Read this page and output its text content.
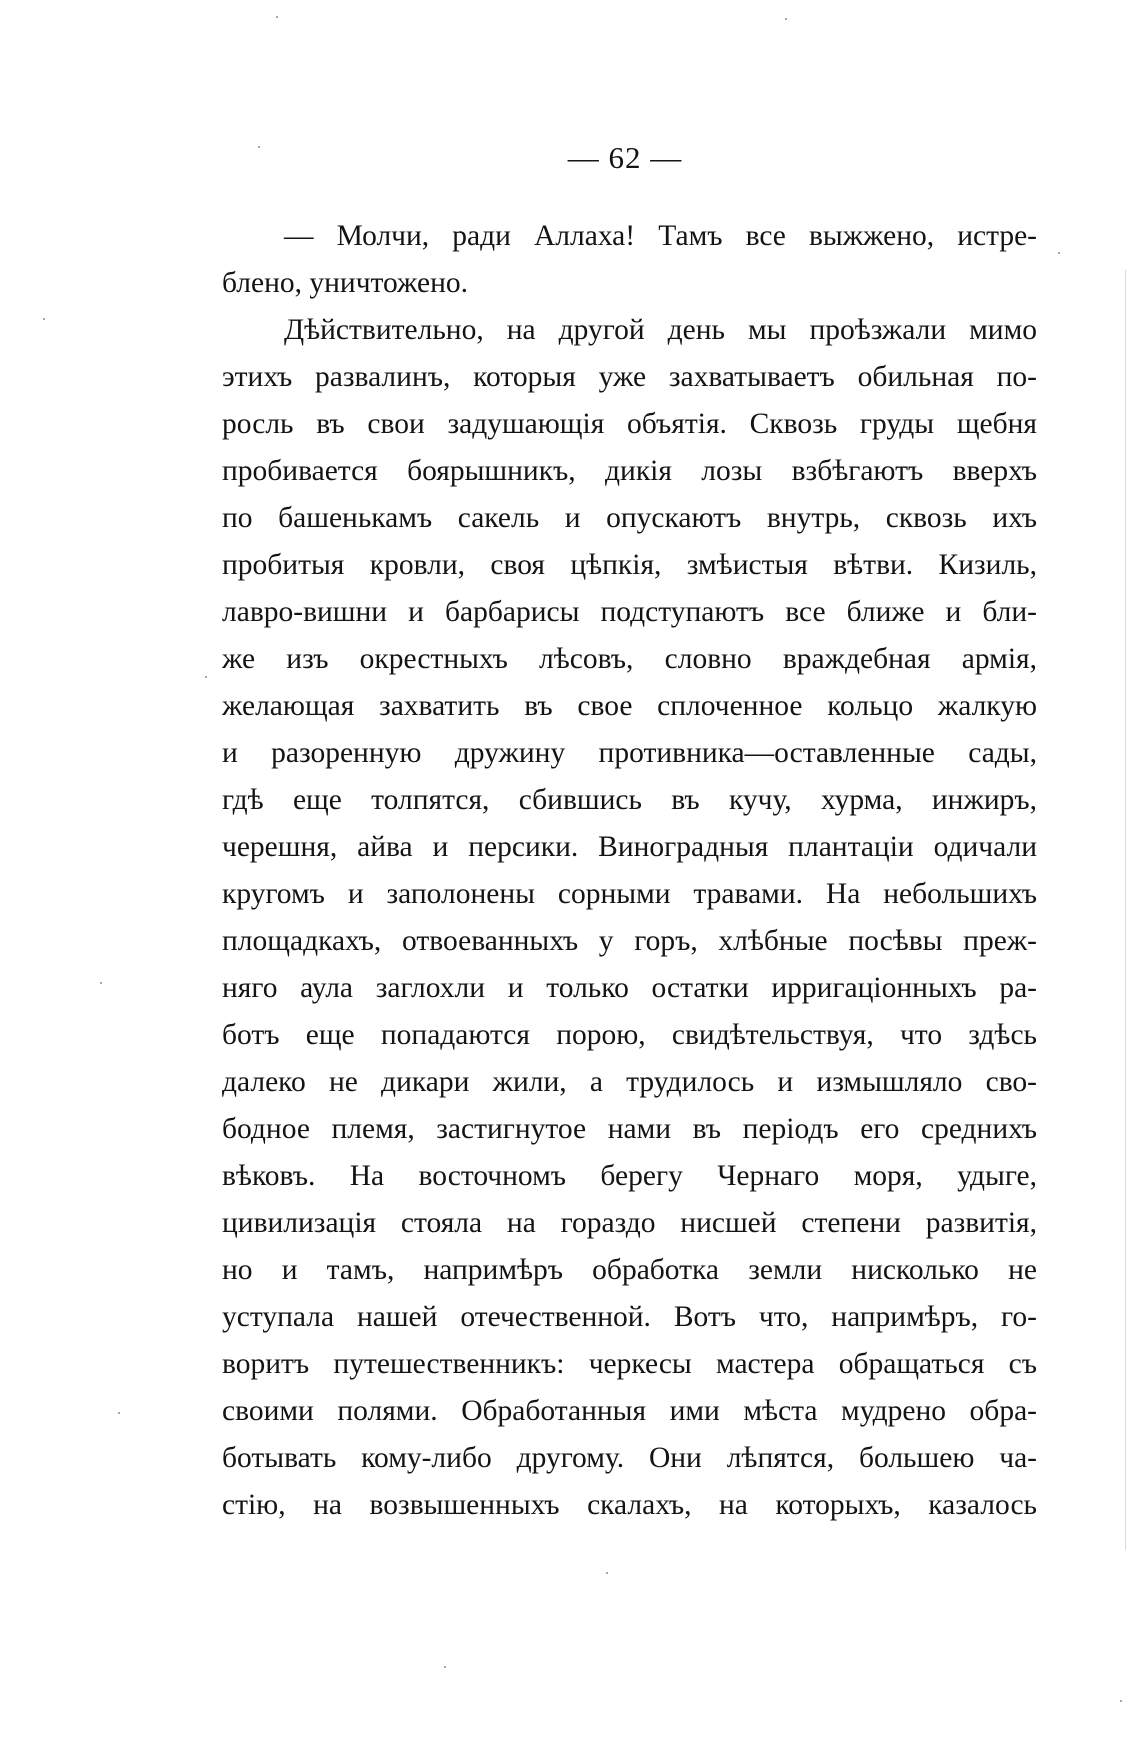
— 62 —
— Молчи, ради Аллаха! Тамъ все выжжено, истре-
блено, уничтожено.
Дѣйствительно, на другой день мы проѣзжали мимо
этихъ развалинъ, которыя уже захватываетъ обильная по-
росль въ свои задушающія объятія. Сквозь груды щебня
пробивается боярышникъ, дикія лозы взбѣгаютъ вверхъ
по башенькамъ сакель и опускаютъ внутрь, сквозь ихъ
пробитыя кровли, своя цѣпкія, змѣистыя вѣтви. Кизиль,
лавро-вишни и барбарисы подступаютъ все ближе и бли-
же изъ окрестныхъ лѣсовъ, словно враждебная армія,
желающая захватить въ свое сплоченное кольцо жалкую
и разоренную дружину противника—оставленные сады,
гдѣ еще толпятся, сбившись въ кучу, хурма, инжиръ,
черешня, айва и персики. Виноградныя плантаціи одичали
кругомъ и заполонены сорными травами. На небольшихъ
площадкахъ, отвоеванныхъ у горъ, хлѣбные посѣвы преж-
няго аула заглохли и только остатки ирригаціонныхъ ра-
ботъ еще попадаются порою, свидѣтельствуя, что здѣсь
далеко не дикари жили, а трудилось и измышляло сво-
бодное племя, застигнутое нами въ періодъ его среднихъ
вѣковъ. На восточномъ берегу Чернаго моря, удыге,
цивилизація стояла на гораздо нисшей степени развитія,
но и тамъ, напримѣръ обработка земли нисколько не
уступала нашей отечественной. Вотъ что, напримѣръ, го-
воритъ путешественникъ: черкесы мастера обращаться съ
своими полями. Обработанныя ими мѣста мудрено обра-
ботывать кому-либо другому. Они лѣпятся, большею ча-
стію, на возвышенныхъ скалахъ, на которыхъ, казалось
